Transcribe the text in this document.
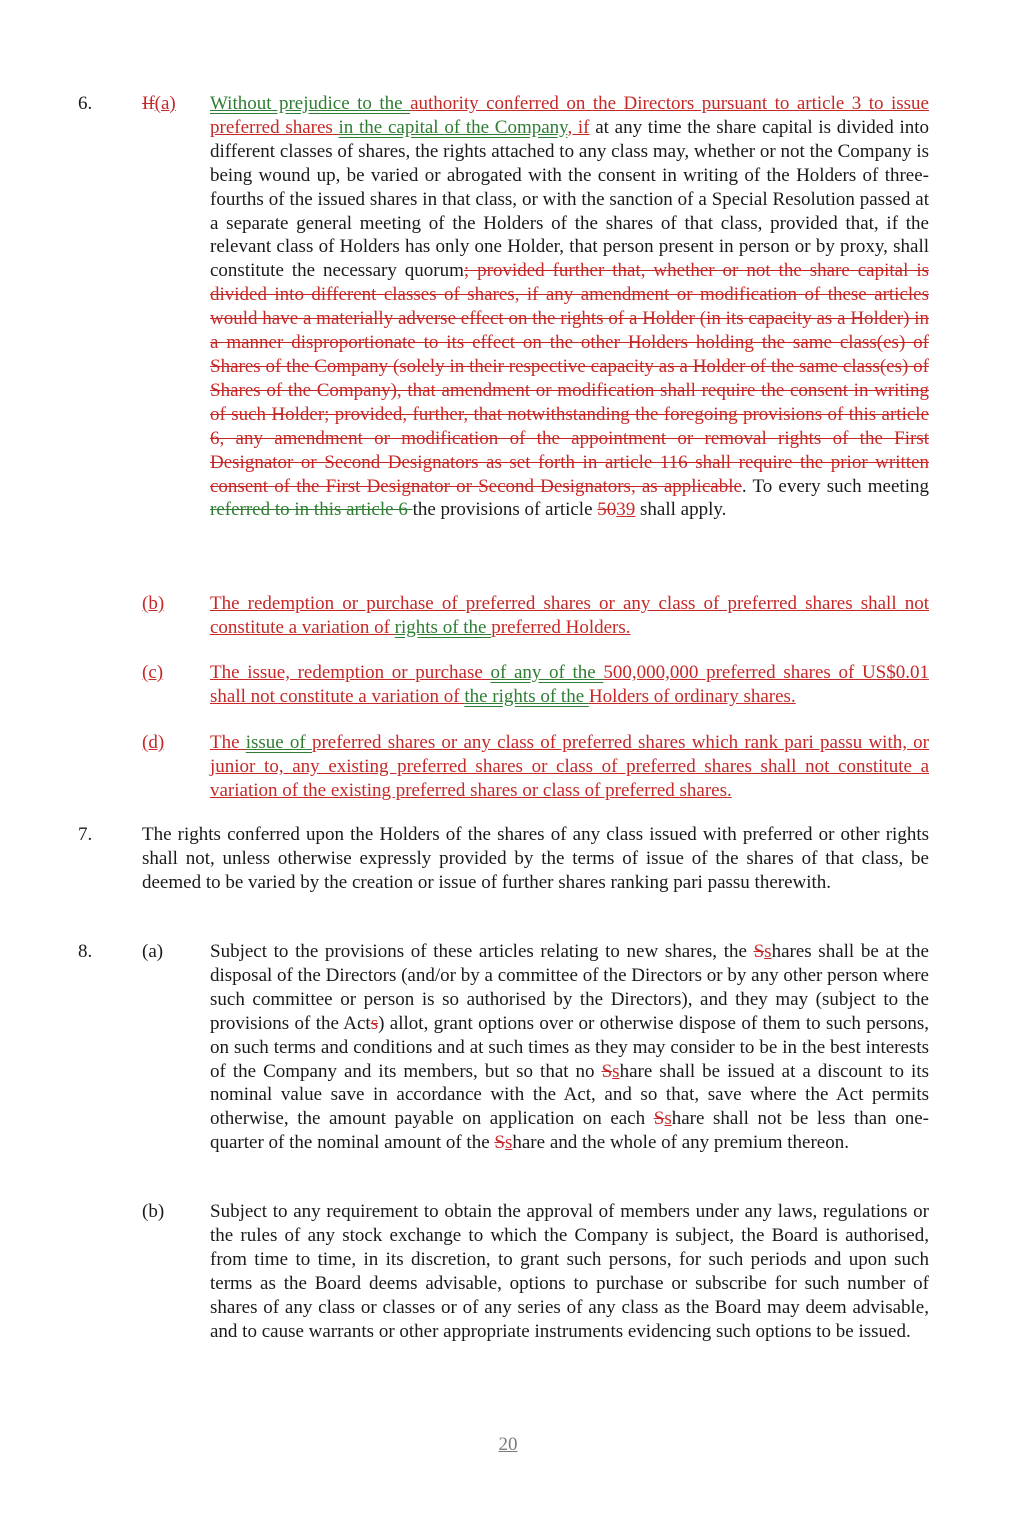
6.	If(a) Without prejudice to the authority conferred on the Directors pursuant to article 3 to issue preferred shares in the capital of the Company, if at any time the share capital is divided into different classes of shares, the rights attached to any class may, whether or not the Company is being wound up, be varied or abrogated with the consent in writing of the Holders of three-fourths of the issued shares in that class, or with the sanction of a Special Resolution passed at a separate general meeting of the Holders of the shares of that class, provided that, if the relevant class of Holders has only one Holder, that person present in person or by proxy, shall constitute the necessary quorum; provided further that, whether or not the share capital is divided into different classes of shares, if any amendment or modification of these articles would have a materially adverse effect on the rights of a Holder (in its capacity as a Holder) in a manner disproportionate to its effect on the other Holders holding the same class(es) of Shares of the Company (solely in their respective capacity as a Holder of the same class(es) of Shares of the Company), that amendment or modification shall require the consent in writing of such Holder; provided, further, that notwithstanding the foregoing provisions of this article 6, any amendment or modification of the appointment or removal rights of the First Designator or Second Designators as set forth in article 116 shall require the prior written consent of the First Designator or Second Designators, as applicable. To every such meeting referred to in this article 6 the provisions of article 5039 shall apply.
(b) The redemption or purchase of preferred shares or any class of preferred shares shall not constitute a variation of rights of the preferred Holders.
(c) The issue, redemption or purchase of any of the 500,000,000 preferred shares of US$0.01 shall not constitute a variation of the rights of the Holders of ordinary shares.
(d) The issue of preferred shares or any class of preferred shares which rank pari passu with, or junior to, any existing preferred shares or class of preferred shares shall not constitute a variation of the existing preferred shares or class of preferred shares.
7.	The rights conferred upon the Holders of the shares of any class issued with preferred or other rights shall not, unless otherwise expressly provided by the terms of issue of the shares of that class, be deemed to be varied by the creation or issue of further shares ranking pari passu therewith.
8.	(a) Subject to the provisions of these articles relating to new shares, the Sshares shall be at the disposal of the Directors (and/or by a committee of the Directors or by any other person where such committee or person is so authorised by the Directors), and they may (subject to the provisions of the Acts) allot, grant options over or otherwise dispose of them to such persons, on such terms and conditions and at such times as they may consider to be in the best interests of the Company and its members, but so that no Sshare shall be issued at a discount to its nominal value save in accordance with the Act, and so that, save where the Act permits otherwise, the amount payable on application on each Sshare shall not be less than one-quarter of the nominal amount of the Sshare and the whole of any premium thereon.
(b) Subject to any requirement to obtain the approval of members under any laws, regulations or the rules of any stock exchange to which the Company is subject, the Board is authorised, from time to time, in its discretion, to grant such persons, for such periods and upon such terms as the Board deems advisable, options to purchase or subscribe for such number of shares of any class or classes or of any series of any class as the Board may deem advisable, and to cause warrants or other appropriate instruments evidencing such options to be issued.
20
